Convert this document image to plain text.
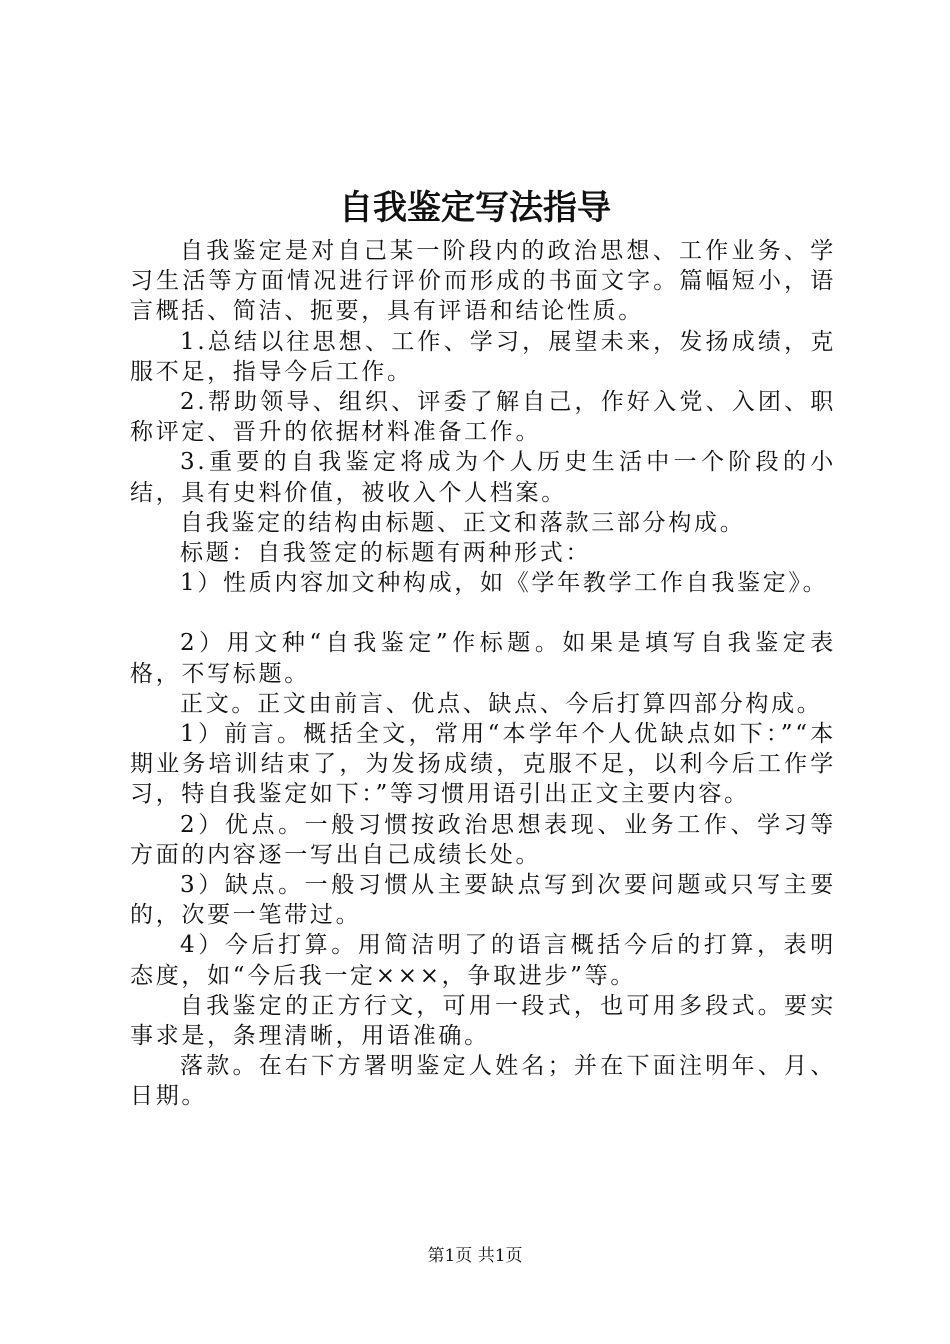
自我鉴定写法指导

自我鉴定是对自己某一阶段内的政治思想、工作业务、学习生活等方面情况进行评价而形成的书面文字。篇幅短小，语言概括、简洁、扼要，具有评语和结论性质。

1.总结以往思想、工作、学习，展望未来，发扬成绩，克服不足，指导今后工作。

2.帮助领导、组织、评委了解自己，作好入党、入团、职称评定、晋升的依据材料准备工作。

3.重要的自我鉴定将成为个人历史生活中一个阶段的小结，具有史料价值，被收入个人档案。

自我鉴定的结构由标题、正文和落款三部分构成。

标题：自我签定的标题有两种形式：

1）性质内容加文种构成，如《学年教学工作自我鉴定》。

2）用文种“自我鉴定”作标题。如果是填写自我鉴定表格，不写标题。

正文。正文由前言、优点、缺点、今后打算四部分构成。

1）前言。概括全文，常用“本学年个人优缺点如下：”“本期业务培训结束了，为发扬成绩，克服不足，以利今后工作学习，特自我鉴定如下：”等习惯用语引出正文主要内容。

2）优点。一般习惯按政治思想表现、业务工作、学习等方面的内容逐一写出自己成绩长处。

3）缺点。一般习惯从主要缺点写到次要问题或只写主要的，次要一笔带过。

4）今后打算。用简洁明了的语言概括今后的打算，表明态度，如“今后我一定×××，争取进步”等。

自我鉴定的正方行文，可用一段式，也可用多段式。要实事求是，条理清晰，用语准确。

落款。在右下方署明鉴定人姓名；并在下面注明年、月、日期。

第1页 共1页
